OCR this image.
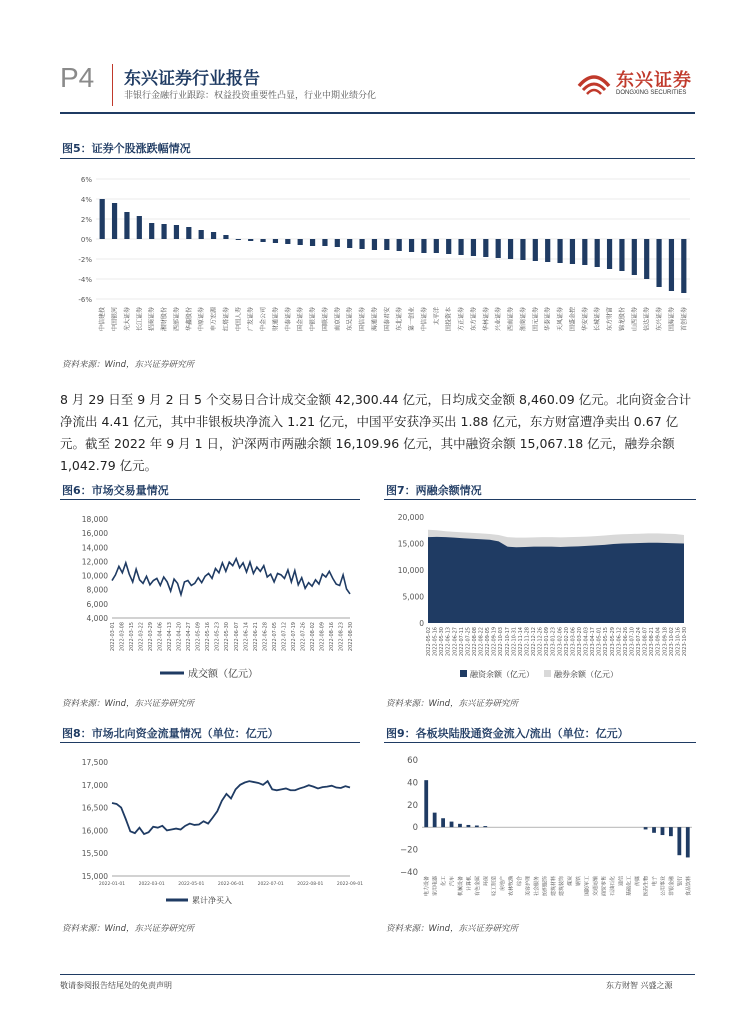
P4 东兴证券行业报告
非银行金融行业跟踪：权益投资重要性凸显，行业中期业绩分化
东兴证券
DONGXING SECURITIES
图5：证券个股涨跌幅情况
6%
4%
2%
0%
-2%
-4%
-6%
中信建投 中国银河 光大证券 长江证券 招商证券 湘财股份 西部证券 华鑫股份 中原证券 申万宏源 红塔证券 中国人寿 广发证券 中金公司 财通证券 中泰证券 国金证券 中银证券 国联证券 南京证券 东吴证券 国信证券 海通证券 国泰君安 东北证券 第一创业 中信证券 太平洋 国投资本 方正证券 东方证券 华林证券 兴业证券 西南证券 浙商证券 国元证券 华泰证券 天风证券 国盛金控 华安证券 长城证券 东方财富 锦龙股份 山西证券 信达证券 东兴证券 国海证券 首创证券
资料来源：Wind，东兴证券研究所
8 月 29 日至 9 月 2 日 5 个交易日合计成交金额 42,300.44 亿元，日均成交金额 8,460.09 亿元。北向资金合计净流出 4.41 亿元，其中非银板块净流入 1.21 亿元，中国平安获净买出 1.88 亿元，东方财富遭净卖出 0.67 亿元。截至 2022 年 9 月 1 日，沪深两市两融余额 16,109.96 亿元，其中融资余额 15,067.18 亿元，融券余额 1,042.79 亿元。
图6：市场交易量情况
18,000
16,000
14,000
12,000
10,000
8,000
6,000
4,000
2022-03-01 2022-03-08 2022-03-15 2022-03-22 2022-03-29 2022-04-06 2022-04-13 2022-04-20 2022-04-27 2022-05-09 2022-05-16 2022-05-23 2022-05-30 2022-06-07 2022-06-14 2022-06-21 2022-06-28 2022-07-05 2022-07-12 2022-07-19 2022-07-26 2022-08-02 2022-08-09 2022-08-16 2022-08-23 2022-08-30
成交额（亿元）
资料来源：Wind，东兴证券研究所
图7：两融余额情况
20,000
15,000
10,000
5,000
0
2022-05-02 2022-05-16 2022-05-30 2022-06-13 2022-06-27 2022-07-11 2022-07-25 2022-08-08 2022-08-22 2022-09-05 2022-09-19 2022-10-03 2022-10-17 2022-10-31 2022-11-14 2022-11-28 2022-12-12 2022-12-26 2023-01-09 2023-01-23 2023-02-06 2023-02-20 2023-03-06 2023-03-20 2023-04-03 2023-04-17 2023-05-01 2023-05-15 2023-05-29 2023-06-12 2023-06-26 2023-07-10 2023-07-24 2023-08-07 2023-08-21 2023-09-04 2023-09-18 2023-10-02 2023-10-16 2023-10-30
融资余额（亿元）	融券余额（亿元）
资料来源：Wind，东兴证券研究所
图8：市场北向资金流量情况（单位：亿元）
17,500
17,000
16,500
16,000
15,500
15,000
2022-01-01	2022-03-01	2022-05-01	2022-06-01	2022-07-01	2022-08-01	2022-09-01
累计净买入
资料来源：Wind，东兴证券研究所
图9：各板块陆股通资金流入/流出（单位：亿元）
60
40
20
0
−20
−40
电力设备 家用电器 化工 汽车 机械设备 计算机 有色金属 环保 轻工制造 房地产 农林牧渔 综合 美容护理 社会服务 纺织服饰 建筑材料 建筑装饰 煤炭 钢铁 国防军工 交通运输 商贸零售 石油石化 通信 基础化工 传媒 医药生物 电子 公用事业 非银金融 银行 食品饮料
资料来源：Wind，东兴证券研究所
敬请参阅报告结尾处的免责声明	东方财智 兴盛之源
